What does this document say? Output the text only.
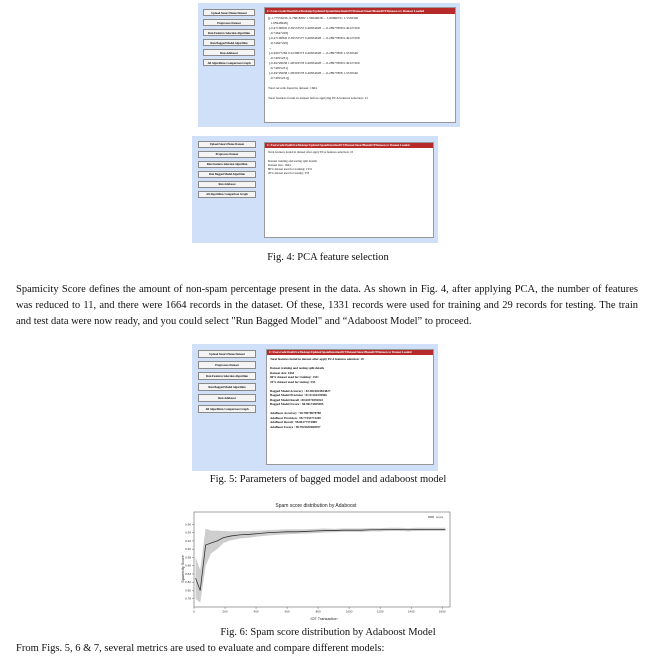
Upload Smart Home Dataset
Preprocess Dataset
Run Features Selection Algorithm
Run Bagged Model Algorithm
Run Adaboost
All Algorithms Comparison Graph
C:/Users/code/OneDrive/Desktop/Updated SpamDetectionIOT/Dataset/SmartHomeIOTDataset.csv Dataset Loaded
[[-1.77556236 -0.76818382 1.56646038 ... 1.60696751 1.5536346
1.65948948]
[-0.47196845 0.39553555 0.46834628 ... -0.28977808 0.49127209
-0.74647228]
[-0.47196845 0.39553577 0.46834628 ... -0.28977808 0.49127209
-0.74647228]
...
[-0.49077284 0.22398373 0.46834628 ... -0.28977808 1.5536346
-0.74055231]
[-0.49729658 1.08303578 0.46834628 ... -0.28977808 0.49127209
-0.74055231]
[-0.49729658 1.08303578 0.46834628 ... -0.28977808 1.5536346
-0.74055231]]

Total records found in dataset: 1664

Total features found in dataset before applying PCA features selection: 21
Fig. 4: PCA feature selection
Upload Smart Home Dataset
Preprocess Dataset
Run Features Selection Algorithm
Run Bagged Model Algorithm
Run Adaboost
All Algorithms Comparison Graph
C:/Users/code/OneDrive/Desktop/Updated SpamDetectionIOT/Dataset/SmartHomeIOTDataset.csv Dataset Loaded
Total features found in dataset after apply PCA features selection: 10

Dataset training and testing split details
Dataset size: 1664
80% dataset used for training: 1331
20% dataset used for testing: 333
Spamicity Score defines the amount of non-spam percentage present in the data. As shown in Fig. 4, after applying PCA, the number of features was reduced to 11, and there were 1664 records in the dataset. Of these, 1331 records were used for training and 29 records for testing. The train and test data were now ready, and you could select "Run Bagged Model" and “Adaboost Model” to proceed.
Upload Smart Home Dataset
Preprocess Dataset
Run Features Selection Algorithm
Run Bagged Model Algorithm
Run Adaboost
All Algorithms Comparison Graph
C:/Users/code/OneDrive/Desktop/Updated SpamDetectionIOT/Dataset/SmartHomeIOTDataset.csv Dataset Loaded
Total features found in dataset after apply PCA features selection: 10

Dataset training and testing split details
Dataset size: 1664
80% dataset used for training: 1331
20% dataset used for testing: 333

Bagged Model Accuracy : 82.9824824824827
Bagged Model Precision : 81.91164339966
Bagged Model Recall : 80.60376592822
Bagged Model Fscore : 80.96174829405

AdaBoost Accuracy : 98.78978978788
AdaBoost Precision : 98.77435774200
AdaBoost Recall : 98.86177374988
AdaBoost Fscore : 98.7825638060597
Fig. 5: Parameters of bagged model and adaboost model
Spam score distribution by Adaboost
Spamicity Score
IOT Transaction
0.78
0.80
0.82
0.84
0.86
0.88
0.90
0.92
0.94
0.96
0	200	400	600	800	1000	1200	1400	1600
score
Fig. 6: Spam score distribution by Adaboost Model
From Figs. 5, 6 & 7, several metrics are used to evaluate and compare different models:
